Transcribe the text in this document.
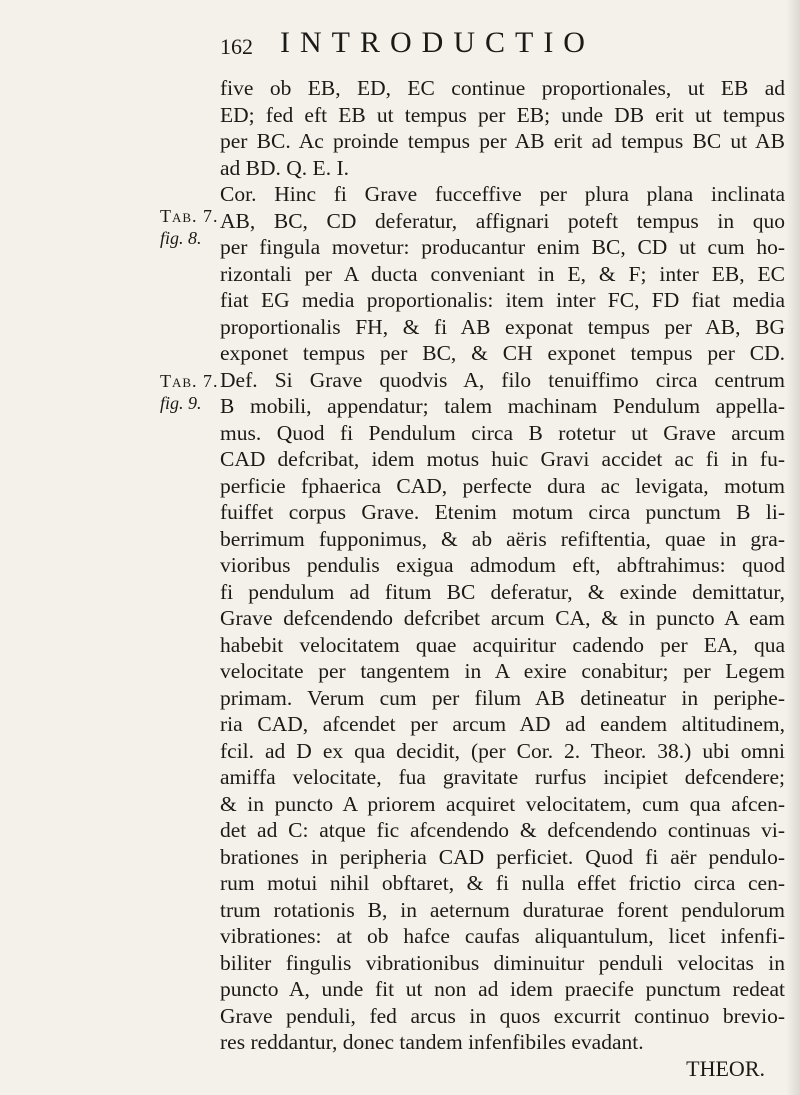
162 INTRODUCTIO
Tab. 7.
fig. 8.
Tab. 7.
fig. 9.
five ob EB, ED, EC continue proportionales, ut EB ad
ED; fed eft EB ut tempus per EB; unde DB erit ut tempus
per BC. Ac proinde tempus per AB erit ad tempus BC ut AB
ad BD. Q. E. I.
Cor. Hinc fi Grave fucceffive per plura plana inclinata
AB, BC, CD deferatur, affignari poteft tempus in quo
per fingula movetur: producantur enim BC, CD ut cum ho-
rizontali per A ducta conveniant in E, & F; inter EB, EC
fiat EG media proportionalis: item inter FC, FD fiat media
proportionalis FH, & fi AB exponat tempus per AB, BG
exponet tempus per BC, & CH exponet tempus per CD.
Def. Si Grave quodvis A, filo tenuiffimo circa centrum
B mobili, appendatur; talem machinam Pendulum appella-
mus. Quod fi Pendulum circa B rotetur ut Grave arcum
CAD defcribat, idem motus huic Gravi accidet ac fi in fu-
perficie fphaerica CAD, perfecte dura ac levigata, motum
fuiffet corpus Grave. Etenim motum circa punctum B li-
berrimum fupponimus, & ab aëris refiftentia, quae in gra-
vioribus pendulis exigua admodum eft, abftrahimus: quod
fi pendulum ad fitum BC deferatur, & exinde demittatur,
Grave defcendendo defcribet arcum CA, & in puncto A eam
habebit velocitatem quae acquiritur cadendo per EA, qua
velocitate per tangentem in A exire conabitur; per Legem
primam. Verum cum per filum AB detineatur in periphe-
ria CAD, afcendet per arcum AD ad eandem altitudinem,
fcil. ad D ex qua decidit, (per Cor. 2. Theor. 38.) ubi omni
amiffa velocitate, fua gravitate rurfus incipiet defcendere;
& in puncto A priorem acquiret velocitatem, cum qua afcen-
det ad C: atque fic afcendendo & defcendendo continuas vi-
brationes in peripheria CAD perficiet. Quod fi aër pendulo-
rum motui nihil obftaret, & fi nulla effet frictio circa cen-
trum rotationis B, in aeternum duraturae forent pendulorum
vibrationes: at ob hafce caufas aliquantulum, licet infenfi-
biliter fingulis vibrationibus diminuitur penduli velocitas in
puncto A, unde fit ut non ad idem praecife punctum redeat
Grave penduli, fed arcus in quos excurrit continuo brevio-
res reddantur, donec tandem infenfibiles evadant.
THEOR.
